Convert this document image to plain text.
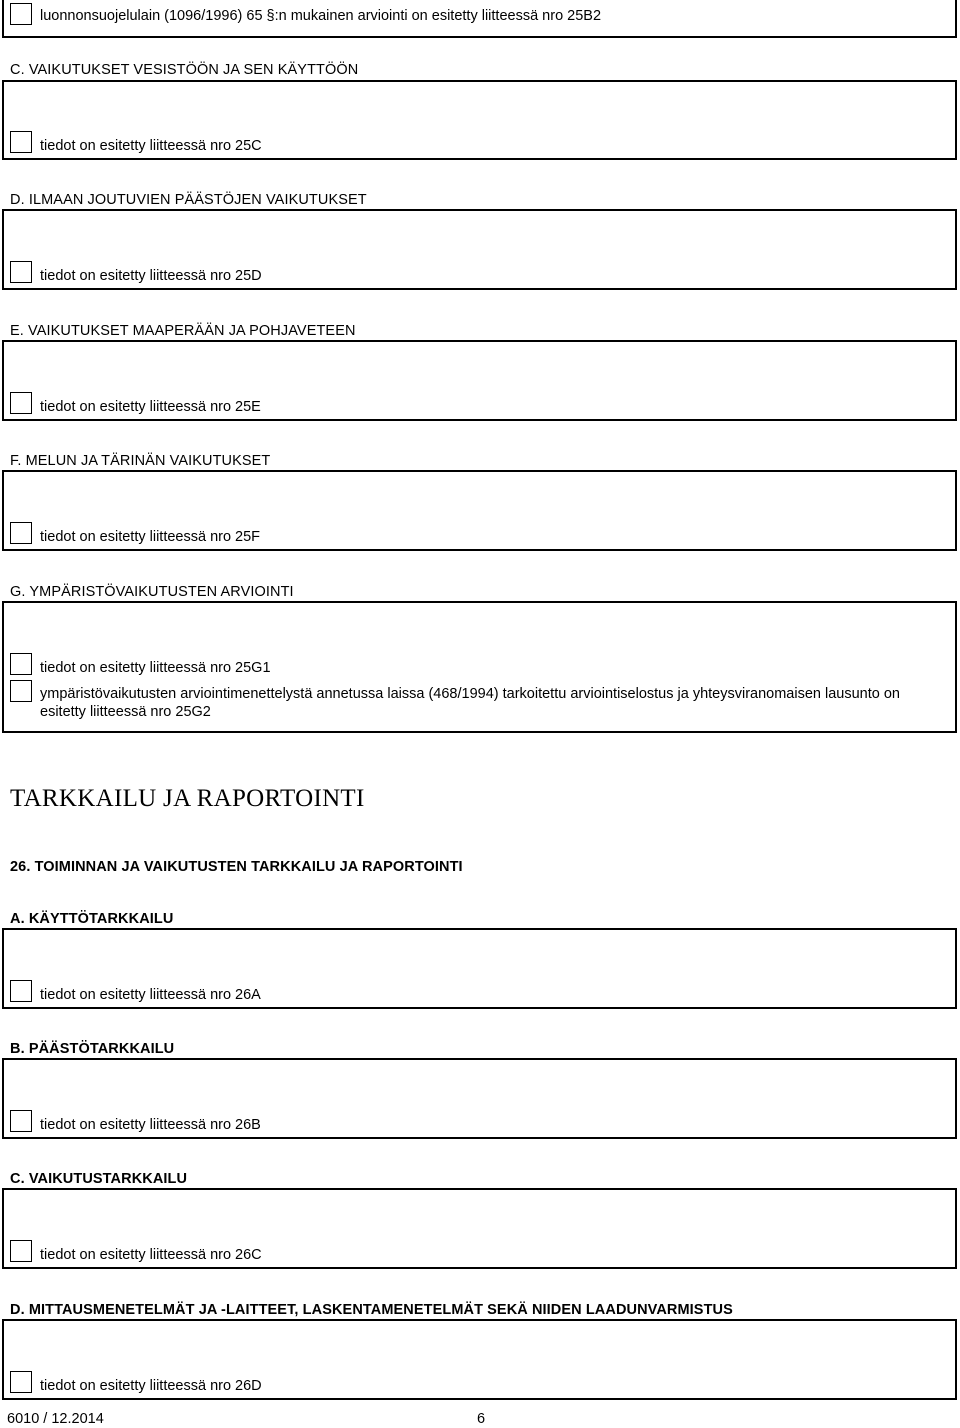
luonnonsuojelulain (1096/1996) 65 §:n mukainen arviointi on esitetty liitteessä nro 25B2
C. VAIKUTUKSET VESISTÖÖN JA SEN KÄYTTÖÖN
tiedot on esitetty liitteessä nro 25C
D. ILMAAN JOUTUVIEN PÄÄSTÖJEN VAIKUTUKSET
tiedot on esitetty liitteessä nro 25D
E. VAIKUTUKSET MAAPERÄÄN JA POHJAVETEEN
tiedot on esitetty liitteessä nro 25E
F. MELUN JA TÄRINÄN VAIKUTUKSET
tiedot on esitetty liitteessä nro 25F
G. YMPÄRISTÖVAIKUTUSTEN ARVIOINTI
tiedot on esitetty liitteessä nro 25G1
ympäristövaikutusten arviointimenettelystä annetussa laissa (468/1994) tarkoitettu arviointiselostus ja yhteysviranomaisen lausunto on
esitetty liitteessä nro 25G2
TARKKAILU JA RAPORTOINTI
26. TOIMINNAN JA VAIKUTUSTEN TARKKAILU JA RAPORTOINTI
A. KÄYTTÖTARKKAILU
tiedot on esitetty liitteessä nro 26A
B. PÄÄSTÖTARKKAILU
tiedot on esitetty liitteessä nro 26B
C. VAIKUTUSTARKKAILU
tiedot on esitetty liitteessä nro 26C
D. MITTAUSMENETELMÄT JA -LAITTEET, LASKENTAMENETELMÄT SEKÄ NIIDEN LAADUNVARMISTUS
tiedot on esitetty liitteessä nro 26D
6010 / 12.2014	6
